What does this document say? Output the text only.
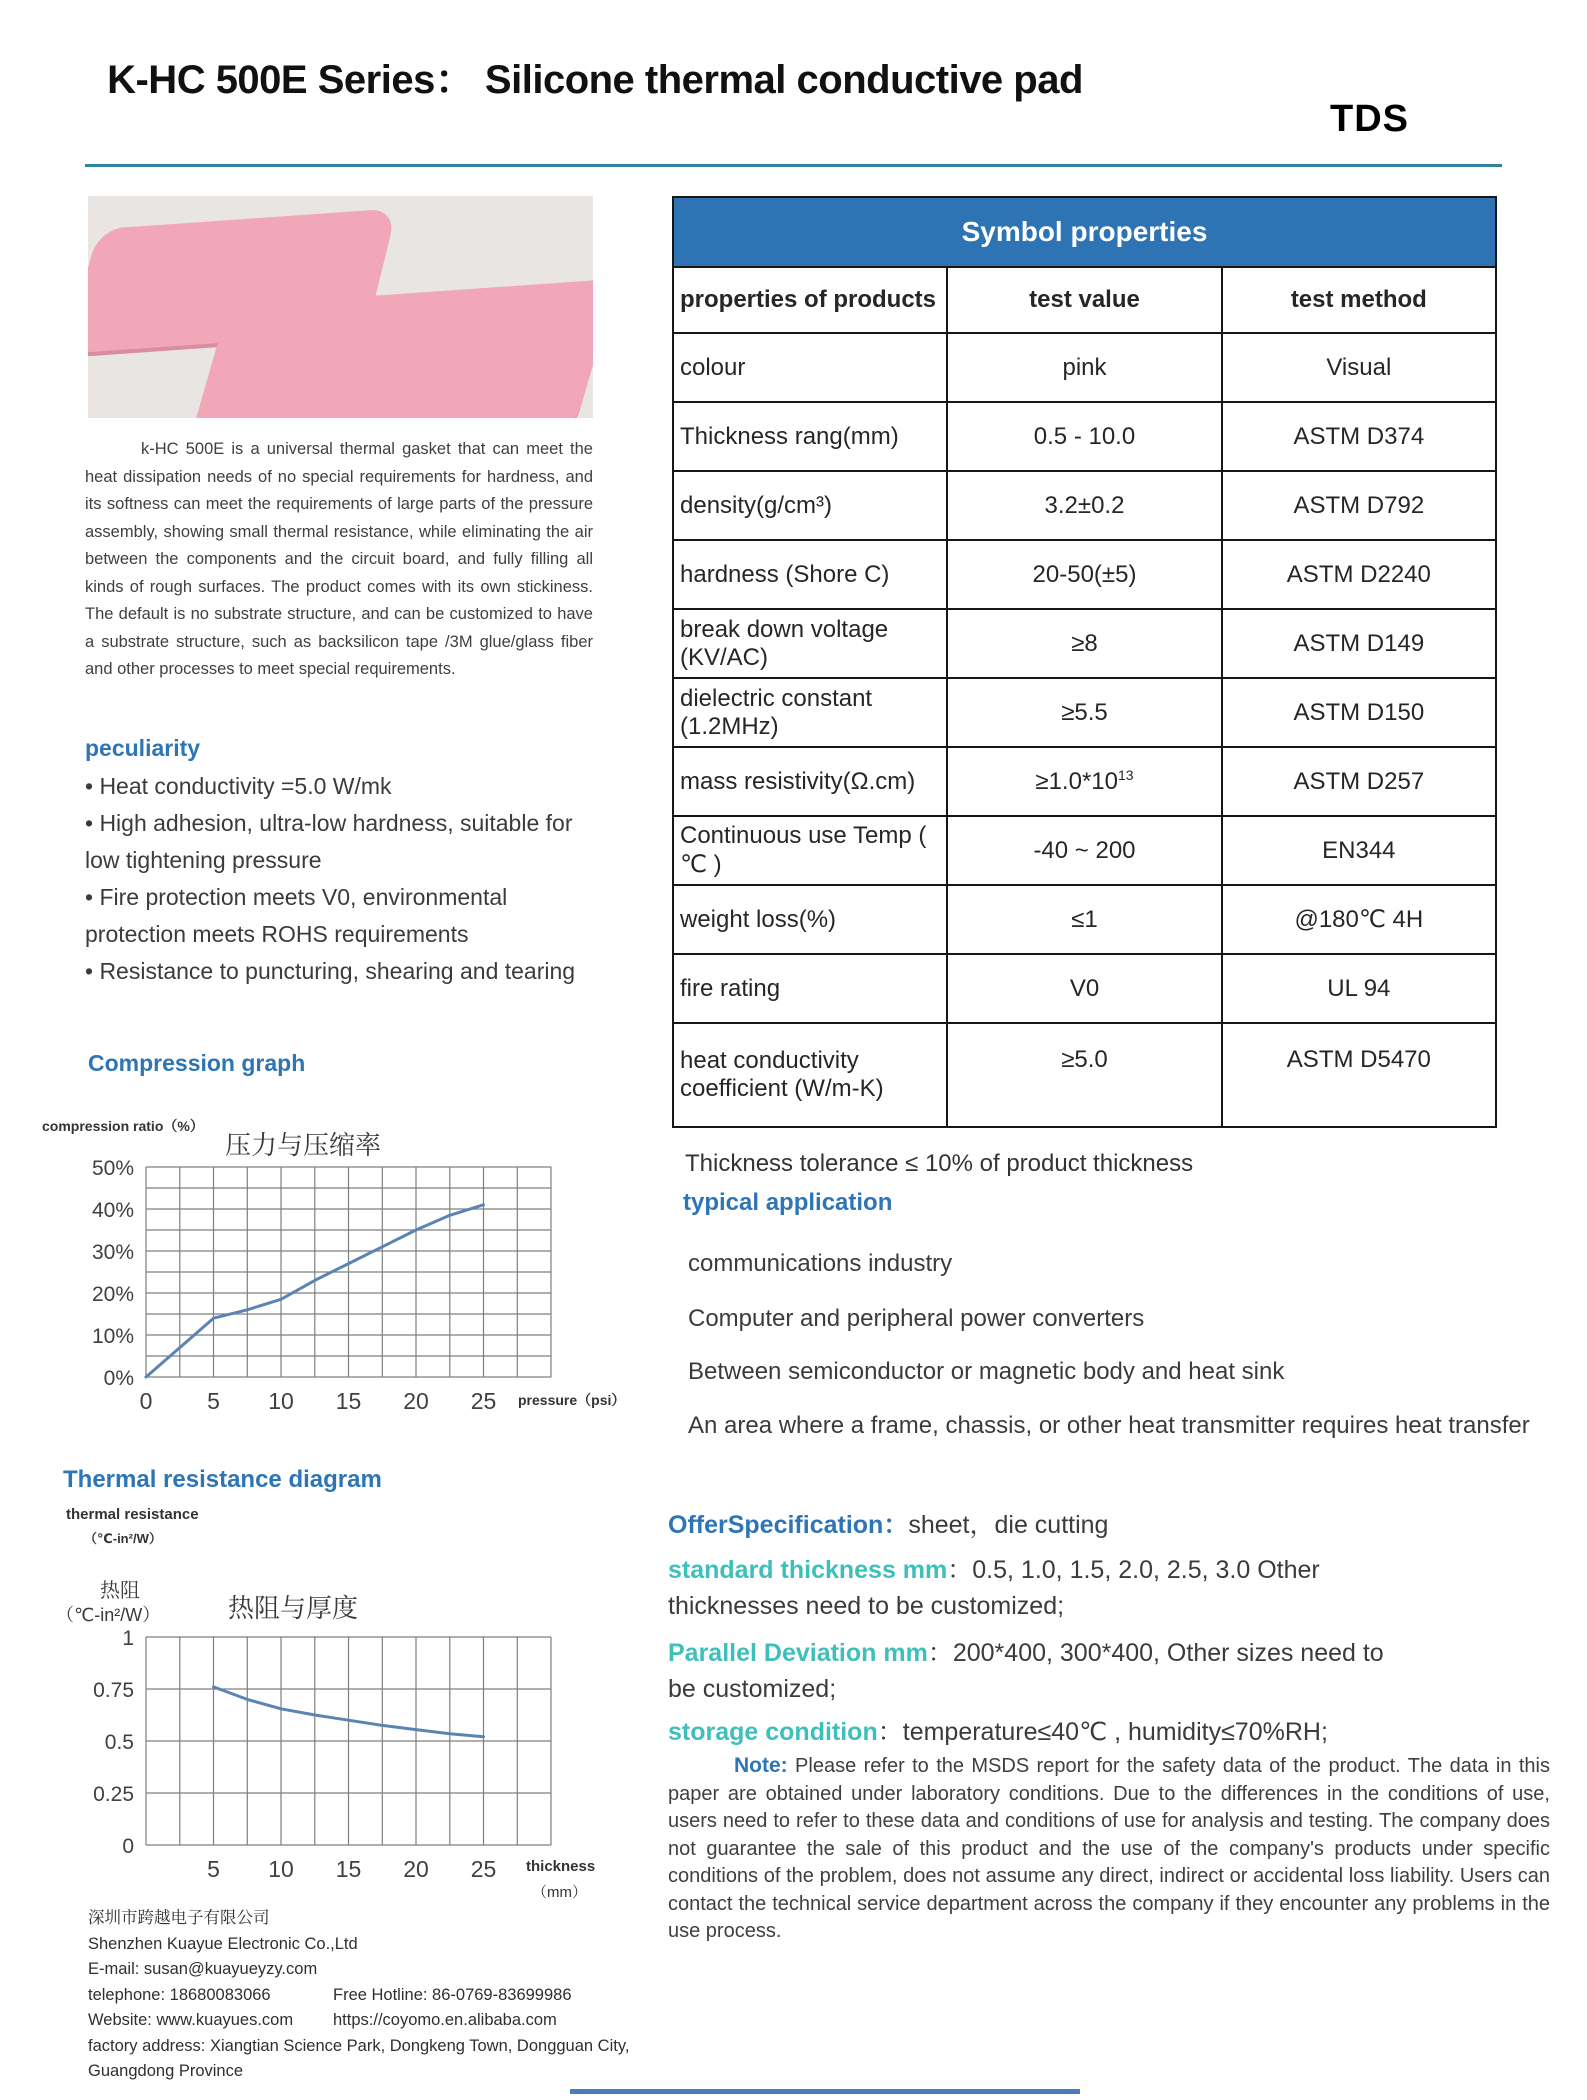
K-HC 500E Series： Silicone thermal conductive pad
TDS
k-HC 500E is a universal thermal gasket that can meet the heat dissipation needs of no special requirements for hardness, and its softness can meet the requirements of large parts of the pressure assembly, showing small thermal resistance, while eliminating the air between the components and the circuit board, and fully filling all kinds of rough surfaces. The product comes with its own stickiness. The default is no substrate structure, and can be customized to have a substrate structure, such as backsilicon tape /3M glue/glass fiber and other processes to meet special requirements.
peculiarity
• Heat conductivity =5.0 W/mk
• High adhesion, ultra-low hardness, suitable for low tightening pressure
• Fire protection meets V0, environmental protection meets ROHS requirements
• Resistance to puncturing, shearing and tearing
Compression graph
compression ratio（%）
压力与压缩率
0 5 10 15 20 25
0%
10%
20%
30%
40%
50%
pressure（psi）
Thermal resistance diagram
thermal resistance
（℃-in²/W）
热阻
（℃-in²/W）	热阻与厚度
5 10 15 20 25
0
0.25
0.5
0.75
1
thickness
（mm）
Symbol properties		
properties of products	test value	test method
colour	pink	Visual
Thickness rang(mm)	0.5 - 10.0	ASTM D374
density(g/cm³)	3.2±0.2	ASTM D792
hardness (Shore C)	20-50(±5)	ASTM D2240
break down voltage (KV/AC)	≥8	ASTM D149
dielectric constant (1.2MHz)	≥5.5	ASTM D150
mass resistivity(Ω.cm)	$\ge 1.0*10^{13}$	ASTM D257
Continuous use Temp ( ℃ )	-40 ~ 200	EN344
weight loss(%)	≤1	@180℃ 4H
fire rating	V0	UL 94
heat conductivity coefficient (W/m-K)	≥5.0	ASTM D5470
Thickness tolerance ≤ 10% of product thickness
typical application
communications industry
Computer and peripheral power converters
Between semiconductor or magnetic body and heat sink
An area where a frame, chassis, or other heat transmitter requires heat transfer
OfferSpecification：sheet，die cutting
standard thickness mm：0.5, 1.0, 1.5, 2.0, 2.5, 3.0 Other
thicknesses need to be customized;
Parallel Deviation mm：200*400, 300*400, Other sizes need to
be customized;
storage condition：temperature≤40℃ , humidity≤70%RH;
Note: Please refer to the MSDS report for the safety data of the product. The data in this paper are obtained under laboratory conditions. Due to the differences in the conditions of use, users need to refer to these data and conditions of use for analysis and testing. The company does not guarantee the sale of this product and the use of the company's products under specific conditions of the problem, does not assume any direct, indirect or accidental loss liability. Users can contact the technical service department across the company if they encounter any problems in the use process.
深圳市跨越电子有限公司
Shenzhen Kuayue Electronic Co.,Ltd
E-mail: susan@kuayueyzy.com
telephone: 18680083066	Free Hotline: 86-0769-83699986
Website: www.kuayues.com https://coyomo.en.alibaba.com
factory address: Xiangtian Science Park, Dongkeng Town, Dongguan City,
Guangdong Province
